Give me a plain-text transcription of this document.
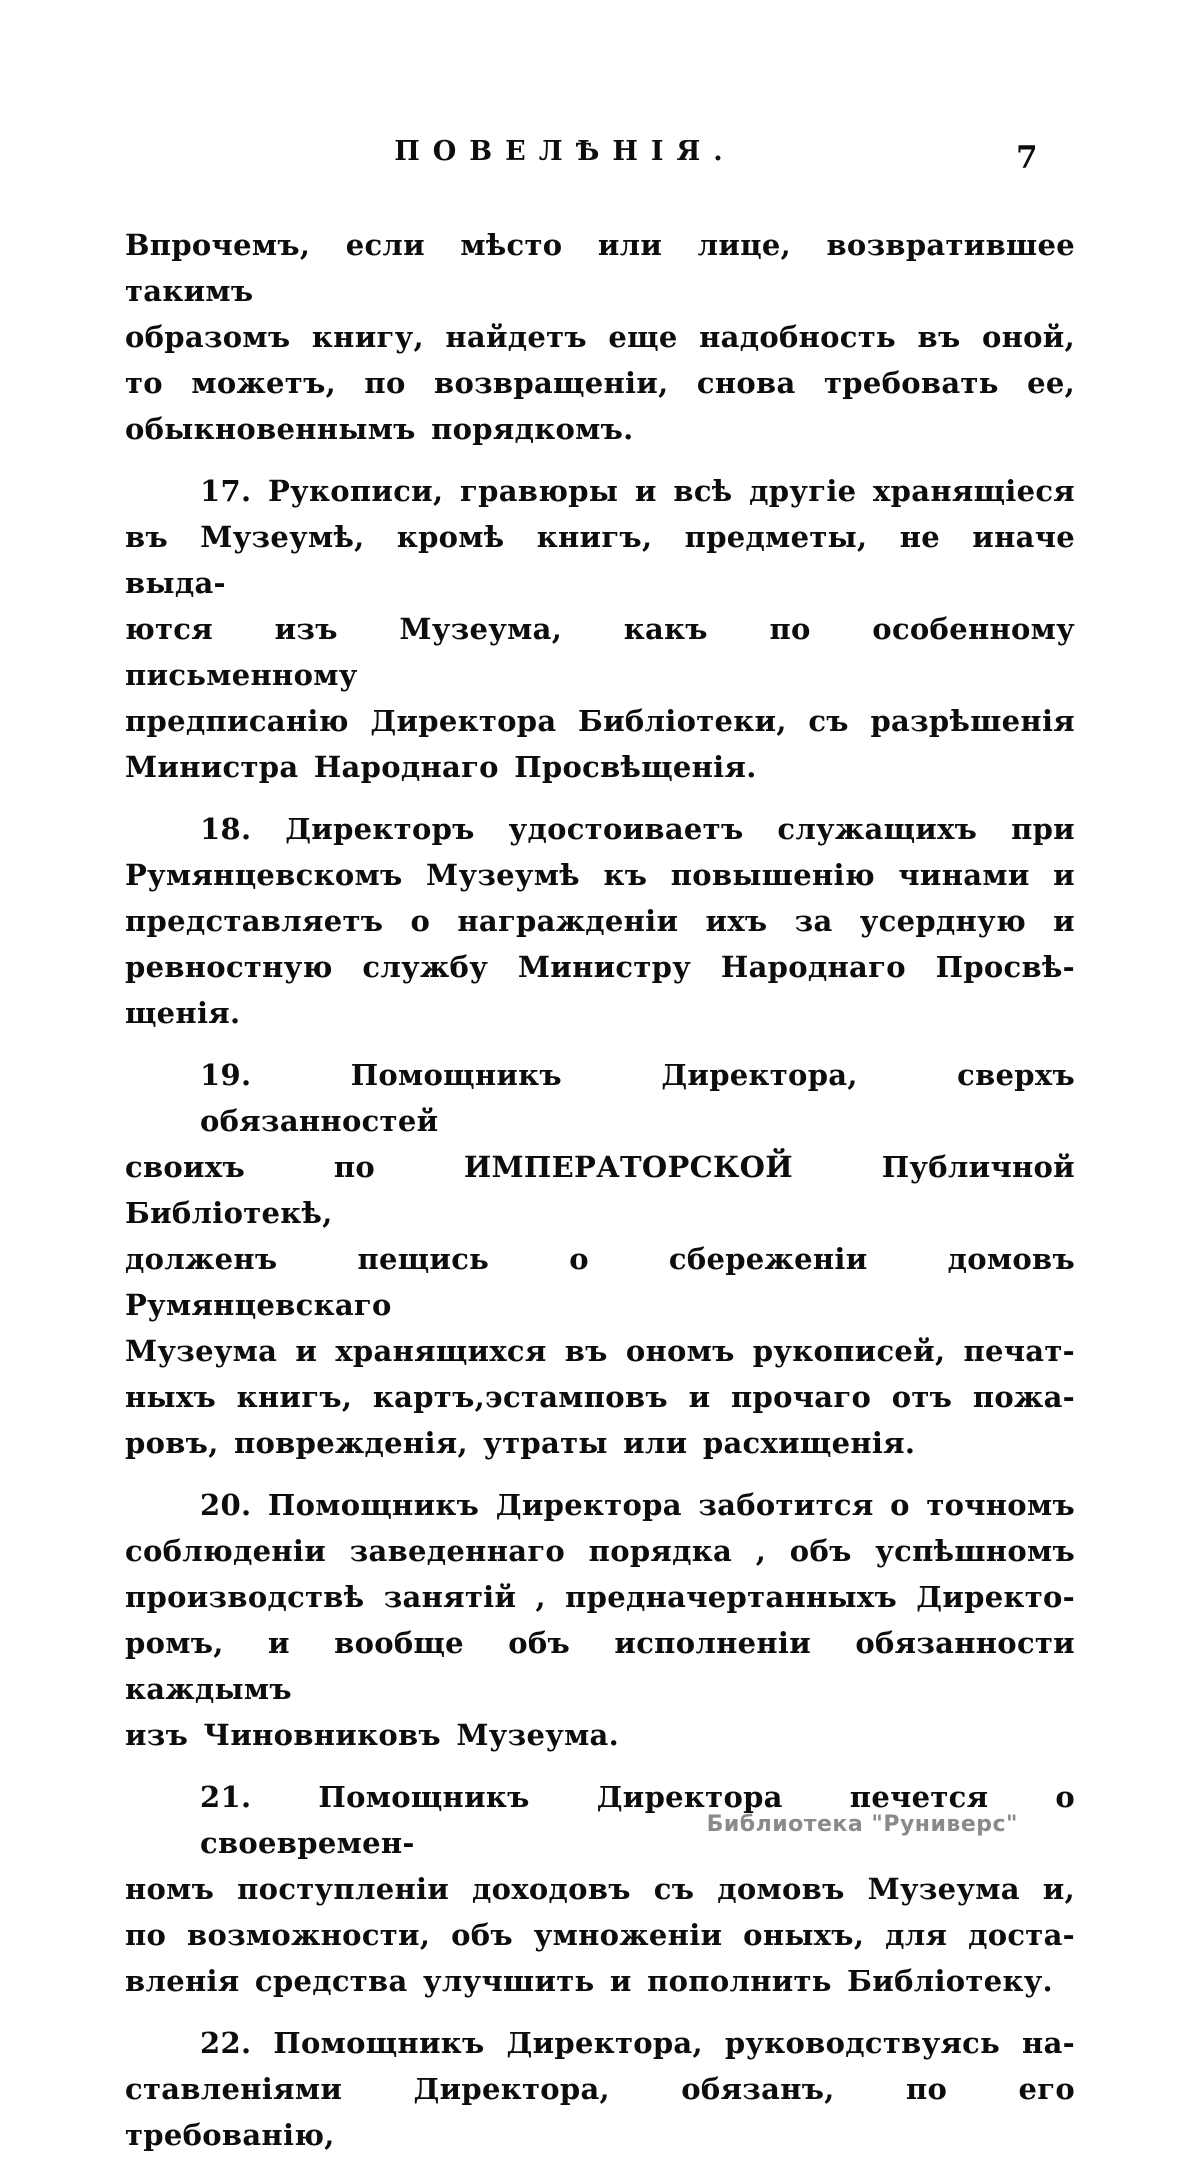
ПОВЕЛѢНІЯ.	7
Впрочемъ, если мѣсто или лице, возвратившее такимъ
образомъ книгу, найдетъ еще надобность въ оной,
то можетъ, по возвращеніи, снова требовать ее,
обыкновеннымъ порядкомъ.
17. Рукописи, гравюры и всѣ другіе хранящіеся
въ Музеумѣ, кромѣ книгъ, предметы, не иначе выда-
ются изъ Музеума, какъ по особенному письменному
предписанію Директора Библіотеки, съ разрѣшенія
Министра Народнаго Просвѣщенія.
18. Директоръ удостоиваетъ служащихъ при
Румянцевскомъ Музеумѣ къ повышенію чинами и
представляетъ о награжденіи ихъ за усердную и
ревностную службу Министру Народнаго Просвѣ-
щенія.
19. Помощникъ Директора, сверхъ обязанностей
своихъ по ИМПЕРАТОРСКОЙ Публичной Библіотекѣ,
долженъ пещись о сбереженіи домовъ Румянцевскаго
Музеума и хранящихся въ ономъ рукописей, печат-
ныхъ книгъ, картъ,эстамповъ и прочаго отъ пожа-
ровъ, поврежденія, утраты или расхищенія.
20. Помощникъ Директора заботится о точномъ
соблюденіи заведеннаго порядка , объ успѣшномъ
производствѣ занятій , предначертанныхъ Директо-
ромъ, и вообще объ исполненіи обязанности каждымъ
изъ Чиновниковъ Музеума.
21. Помощникъ Директора печется о своевремен-
номъ поступленіи доходовъ съ домовъ Музеума и,
по возможности, объ умноженіи оныхъ, для доста-
вленія средства улучшить и пополнить Библіотеку.
22. Помощникъ Директора, руководствуясь на-
ставленіями Директора, обязанъ, по его требованію,
Библиотека "Руниверс"
